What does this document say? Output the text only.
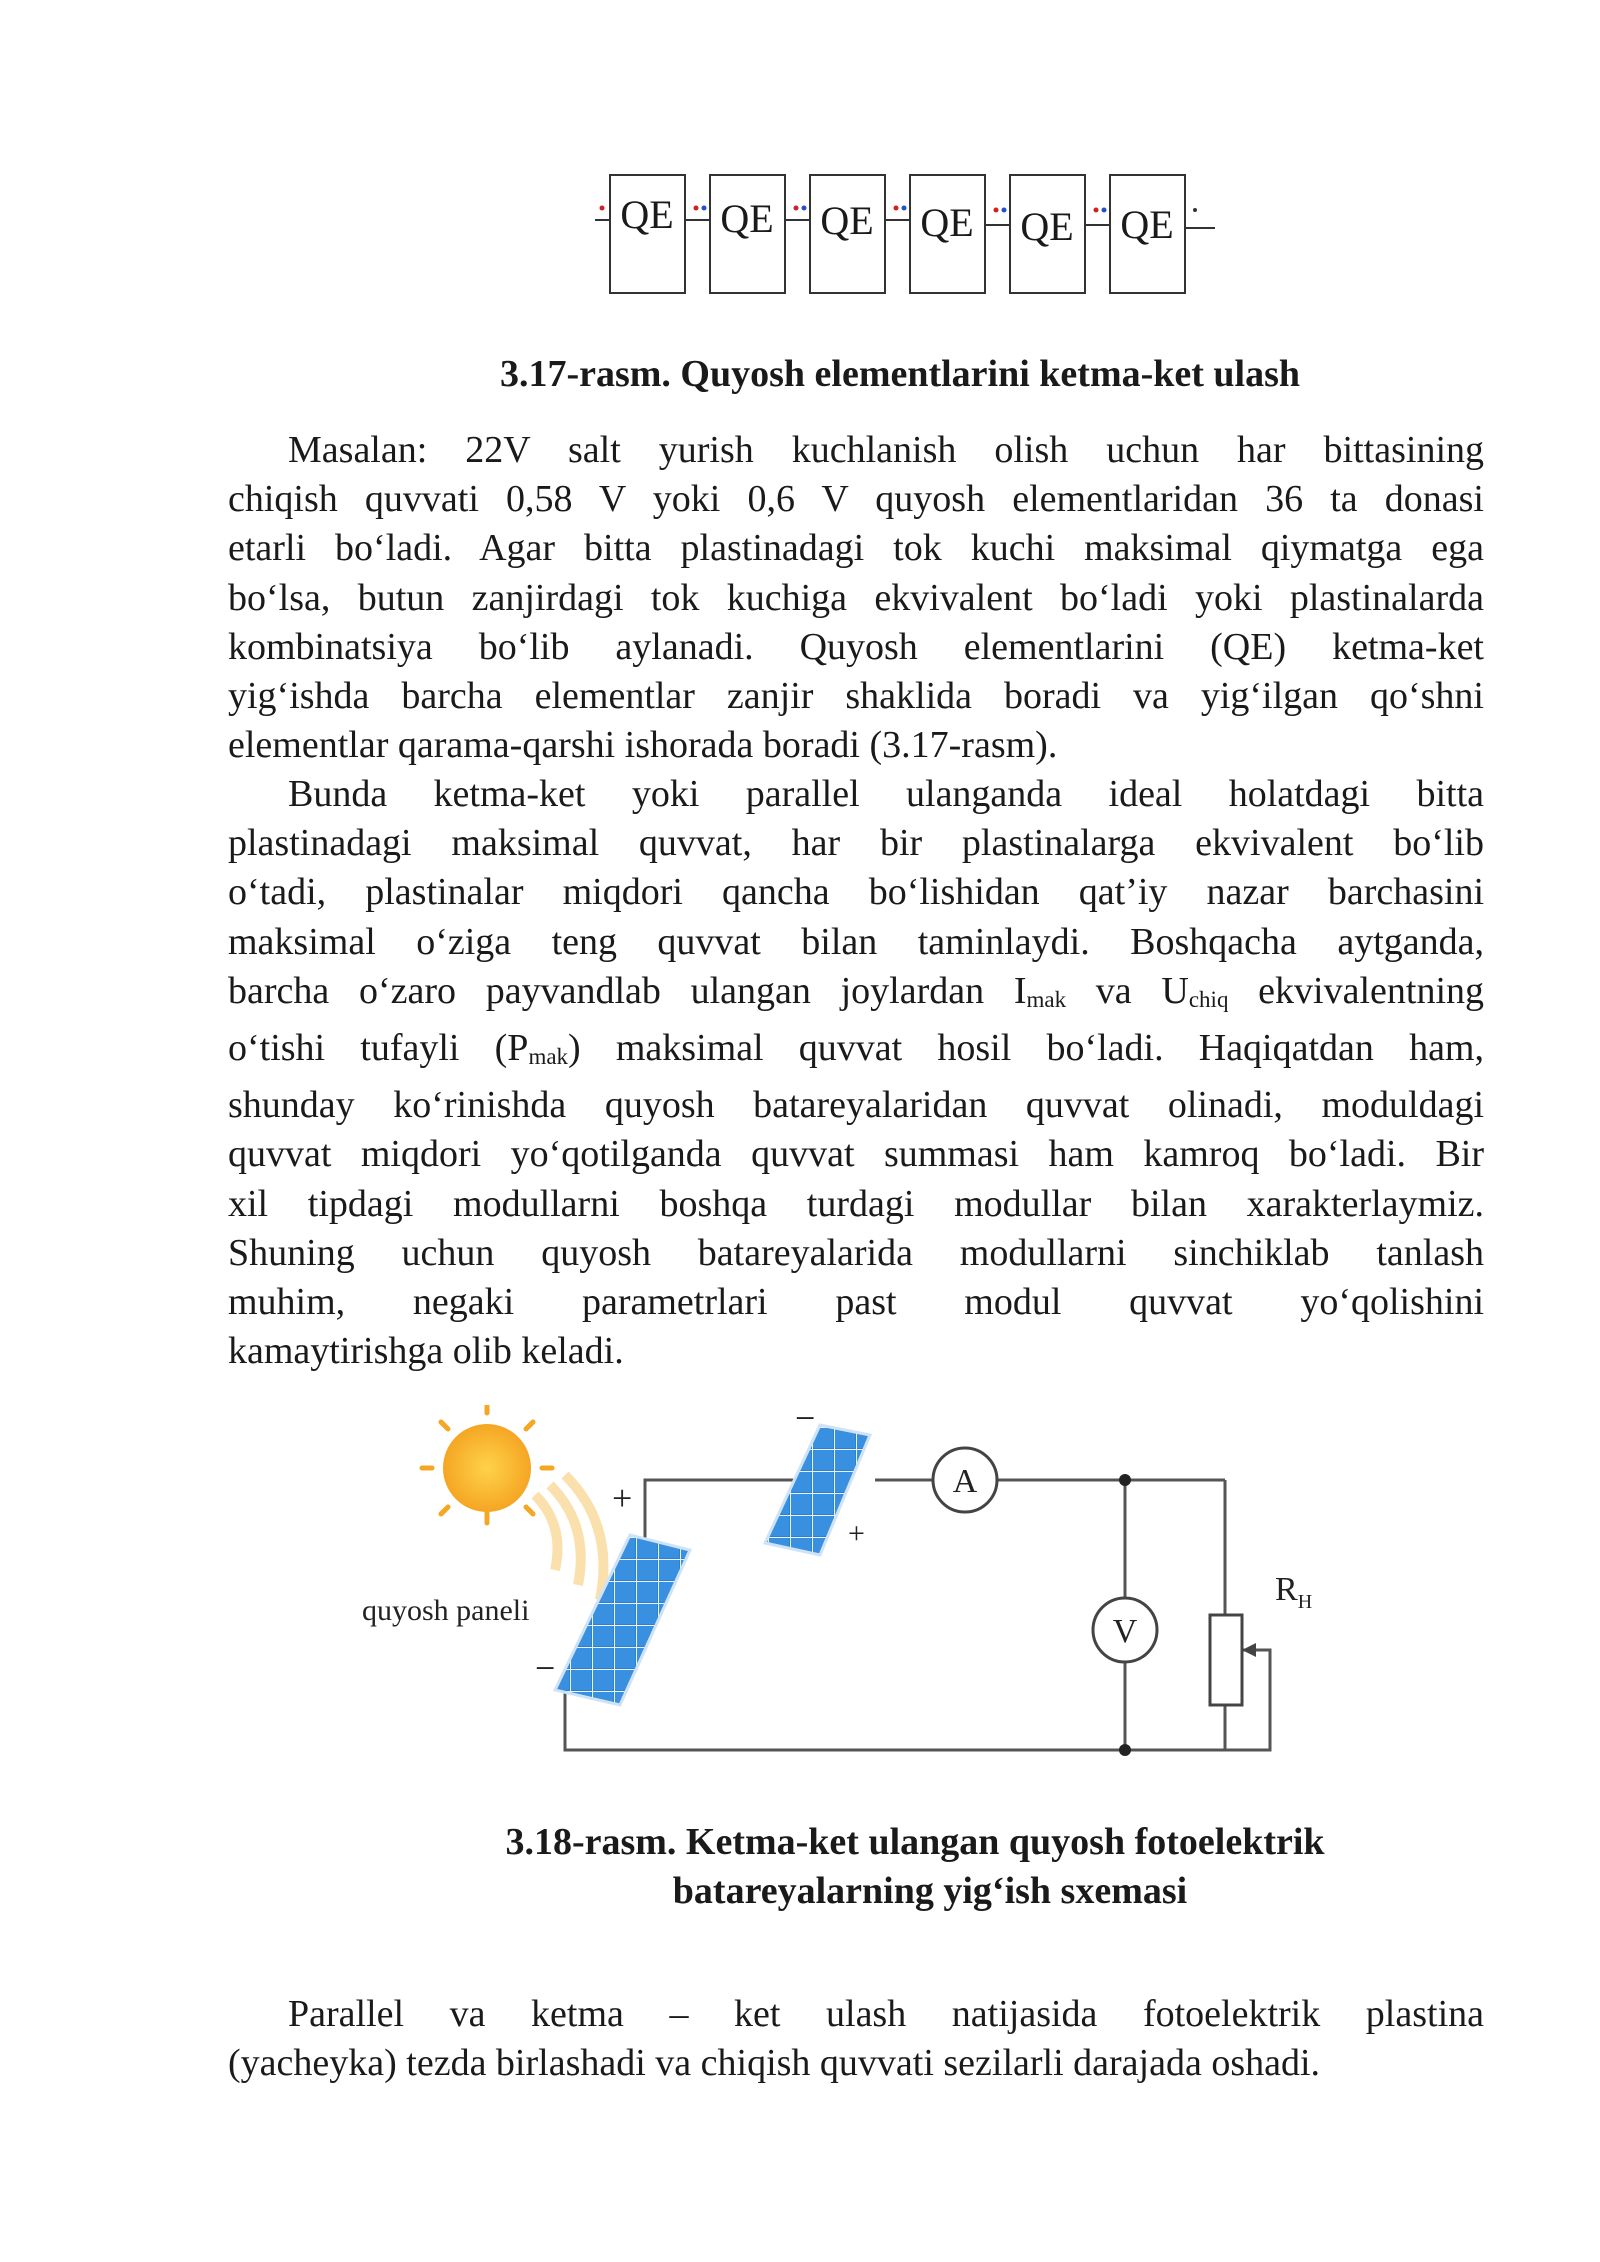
QE QE QE QE QE QE
3.17-rasm. Quyosh elementlarini ketma-ket ulash
Masalan: 22V salt yurish kuchlanish olish uchun har bittasining
chiqish quvvati 0,58 V yoki 0,6 V quyosh elementlaridan 36 ta donasi
etarli bo‘ladi. Agar bitta plastinadagi tok kuchi maksimal qiymatga ega
bo‘lsa, butun zanjirdagi tok kuchiga ekvivalent bo‘ladi yoki plastinalarda
kombinatsiya bo‘lib aylanadi. Quyosh elementlarini (QE) ketma-ket
yig‘ishda barcha elementlar zanjir shaklida boradi va yig‘ilgan qo‘shni
elementlar qarama-qarshi ishorada boradi (3.17-rasm).
Bunda ketma-ket yoki parallel ulanganda ideal holatdagi bitta
plastinadagi maksimal quvvat, har bir plastinalarga ekvivalent bo‘lib
o‘tadi, plastinalar miqdori qancha bo‘lishidan qat’iy nazar barchasini
maksimal o‘ziga teng quvvat bilan taminlaydi. Boshqacha aytganda,
barcha o‘zaro payvandlab ulangan joylardan $I_{mak}$ va $U_{chiq}$ ekvivalentning
o‘tishi tufayli $(P_{mak})$ maksimal quvvat hosil bo‘ladi. Haqiqatdan ham,
shunday ko‘rinishda quyosh batareyalaridan quvvat olinadi, moduldagi
quvvat miqdori yo‘qotilganda quvvat summasi ham kamroq bo‘ladi. Bir
xil tipdagi modullarni boshqa turdagi modullar bilan xarakterlaymiz.
Shuning uchun quyosh batareyalarida modullarni sinchiklab tanlash
muhim, negaki parametrlari past modul quvvat yo‘qolishini
kamaytirishga olib keladi.
+
−
−
+
quyosh paneli
A
V
$R_H$
3.18-rasm. Ketma-ket ulangan quyosh fotoelektrik
batareyalarning yig‘ish sxemasi
Parallel va ketma – ket ulash natijasida fotoelektrik plastina
(yacheyka) tezda birlashadi va chiqish quvvati sezilarli darajada oshadi.
